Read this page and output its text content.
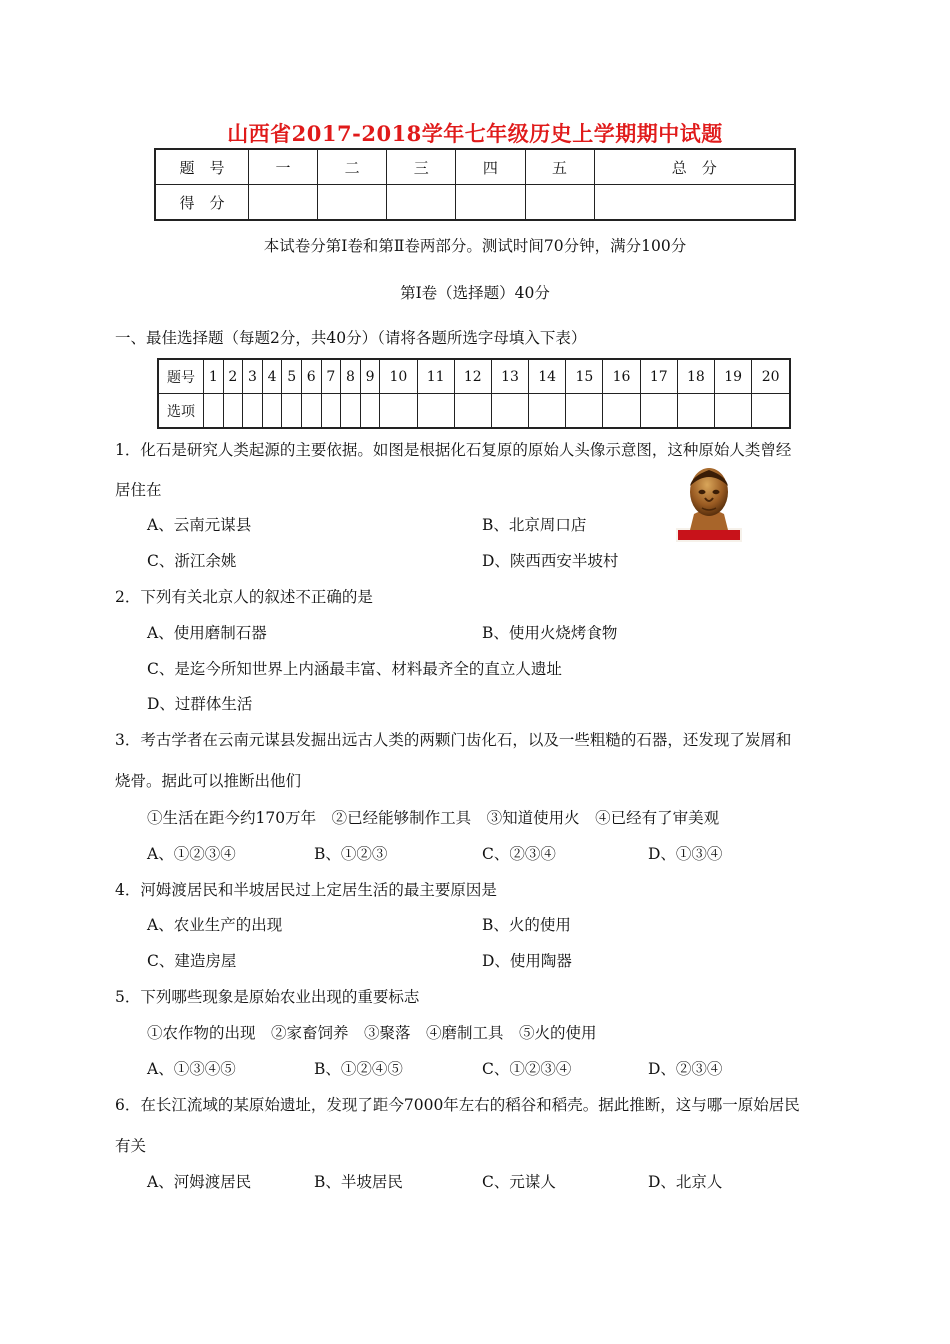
山西省2017-2018学年七年级历史上学期期中试题
题　号	一	二	三	四	五	总　分
得　分						
本试卷分第Ⅰ卷和第Ⅱ卷两部分。测试时间70分钟，满分100分
第Ⅰ卷（选择题）40分
一、最佳选择题（每题2分，共40分）（请将各题所选字母填入下表）
题号	1	2	3	4	5	6	7	8	9	10	11	12	13	14	15	16	17	18	19	20
选项																				
1．化石是研究人类起源的主要依据。如图是根据化石复原的原始人头像示意图，这种原始人类曾经
居住在
A、云南元谋县	B、北京周口店
C、浙江余姚	D、陕西西安半坡村
2．下列有关北京人的叙述不正确的是
A、使用磨制石器	B、使用火烧烤食物
C、是迄今所知世界上内涵最丰富、材料最齐全的直立人遗址
D、过群体生活
3．考古学者在云南元谋县发掘出远古人类的两颗门齿化石，以及一些粗糙的石器，还发现了炭屑和
烧骨。据此可以推断出他们
①生活在距今约170万年　②已经能够制作工具　③知道使用火　④已经有了审美观
A、①②③④	B、①②③	C、②③④	D、①③④
4．河姆渡居民和半坡居民过上定居生活的最主要原因是
A、农业生产的出现	B、火的使用
C、建造房屋	D、使用陶器
5．下列哪些现象是原始农业出现的重要标志
①农作物的出现　②家畜饲养　③聚落　④磨制工具　⑤火的使用
A、①③④⑤	B、①②④⑤	C、①②③④	D、②③④
6．在长江流域的某原始遗址，发现了距今7000年左右的稻谷和稻壳。据此推断，这与哪一原始居民
有关
A、河姆渡居民	B、半坡居民	C、元谋人	D、北京人
